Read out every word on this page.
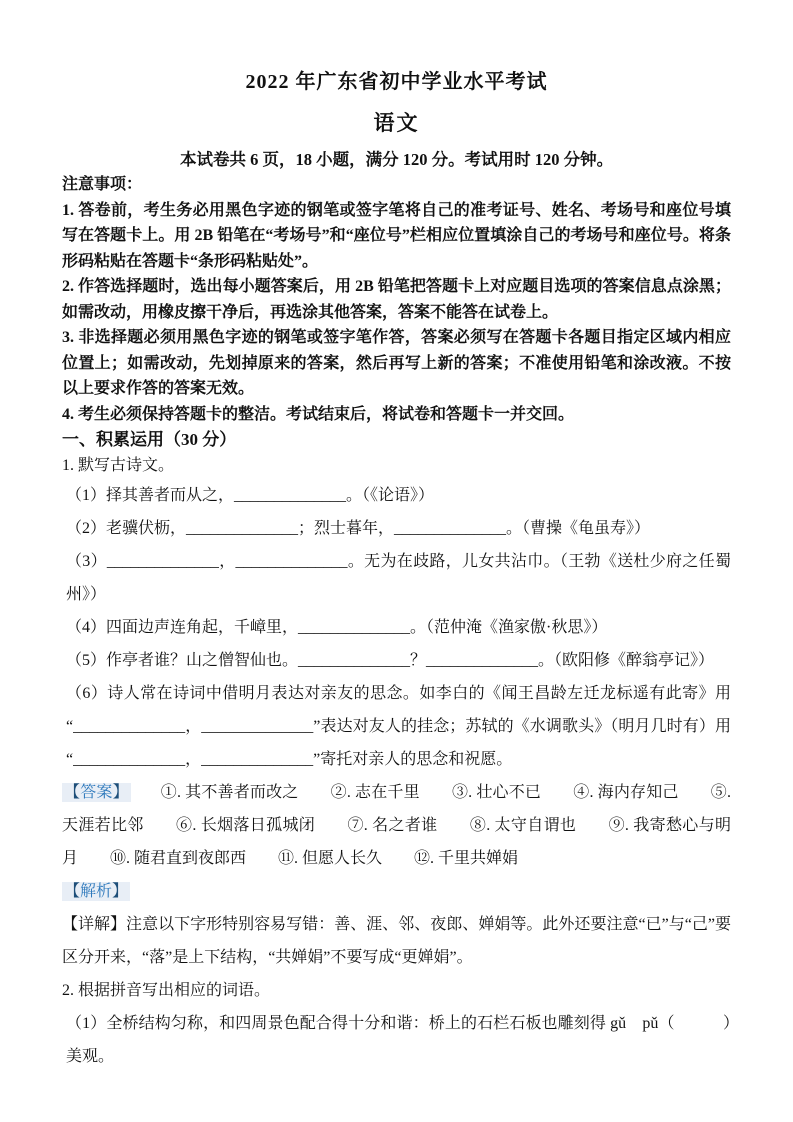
2022 年广东省初中学业水平考试
语文

本试卷共 6 页，18 小题，满分 120 分。考试用时 120 分钟。

注意事项：

1. 答卷前，考生务必用黑色字迹的钢笔或签字笔将自己的准考证号、姓名、考场号和座位号填写在答题卡上。用 2B 铅笔在“考场号”和“座位号”栏相应位置填涂自己的考场号和座位号。将条形码粘贴在答题卡“条形码粘贴处”。

2. 作答选择题时，选出每小题答案后，用 2B 铅笔把答题卡上对应题目选项的答案信息点涂黑；如需改动，用橡皮擦干净后，再选涂其他答案，答案不能答在试卷上。

3. 非选择题必须用黑色字迹的钢笔或签字笔作答，答案必须写在答题卡各题目指定区域内相应位置上；如需改动，先划掉原来的答案，然后再写上新的答案；不准使用铅笔和涂改液。不按以上要求作答的答案无效。

4. 考生必须保持答题卡的整洁。考试结束后，将试卷和答题卡一并交回。

一、积累运用（30 分）

1. 默写古诗文。

（1）择其善者而从之，______________。（《论语》）

（2）老骥伏枥，______________；烈士暮年，______________。（曹操《龟虽寿》）

（3）______________，______________。无为在歧路，儿女共沾巾。（王勃《送杜少府之任蜀州》）

（4）四面边声连角起，千嶂里，______________。（范仲淹《渔家傲·秋思》）

（5）作亭者谁？山之僧智仙也。______________？______________。（欧阳修《醉翁亭记》）

（6）诗人常在诗词中借明月表达对亲友的思念。如李白的《闻王昌龄左迁龙标遥有此寄》用“______________，______________”表达对友人的挂念；苏轼的《水调歌头》（明月几时有）用“______________，______________”寄托对亲人的思念和祝愿。

【答案】 ①. 其不善者而改之  ②. 志在千里  ③. 壮心不已  ④. 海内存知己  ⑤. 天涯若比邻  ⑥. 长烟落日孤城闭  ⑦. 名之者谁  ⑧. 太守自谓也  ⑨. 我寄愁心与明月  ⑩. 随君直到夜郎西  ⑪. 但愿人长久  ⑫. 千里共婵娟

【解析】

【详解】注意以下字形特别容易写错：善、涯、邻、夜郎、婵娟等。此外还要注意“已”与“己”要区分开来，“落”是上下结构，“共婵娟”不要写成“更婵娟”。

2. 根据拼音写出相应的词语。

（1）全桥结构匀称，和四周景色配合得十分和谐：桥上的石栏石板也雕刻得 gǔ　pǔ（　　　）美观。
